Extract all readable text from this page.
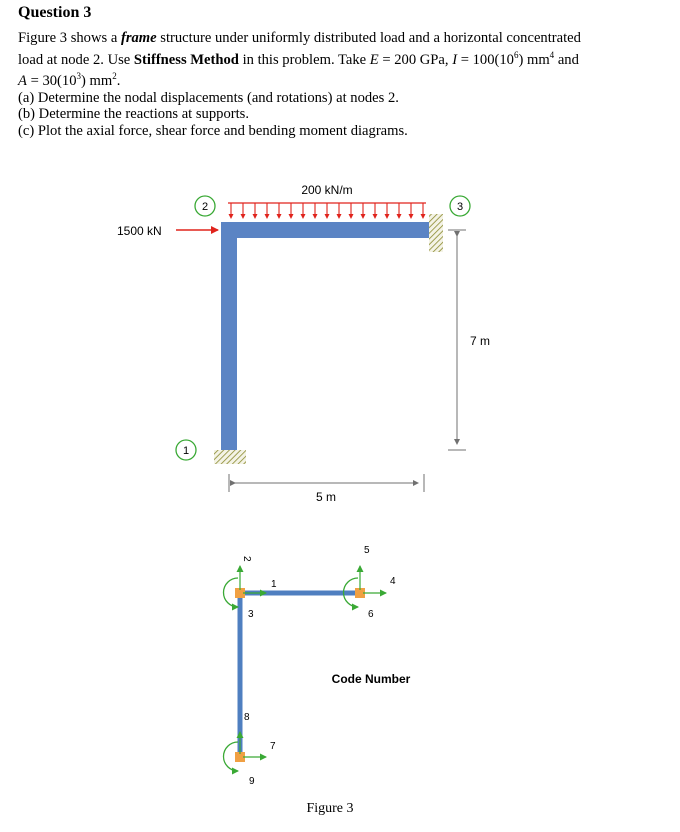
Question 3

Figure 3 shows a frame structure under uniformly distributed load and a horizontal concentrated

load at node 2. Use Stiffness Method in this problem. Take E = 200 GPa, $I = 100(10^6)$ $mm^4$ and

$A = 30(10^3)$ $mm^2$.

(a) Determine the nodal displacements (and rotations) at nodes 2.

(b) Determine the reactions at supports.

(c) Plot the axial force, shear force and bending moment diagrams.

200 kN/m
1500 kN
1
2	3
7 m
5 m
1
2
3
4
5
6
7
8
9
Code Number
Figure 3
